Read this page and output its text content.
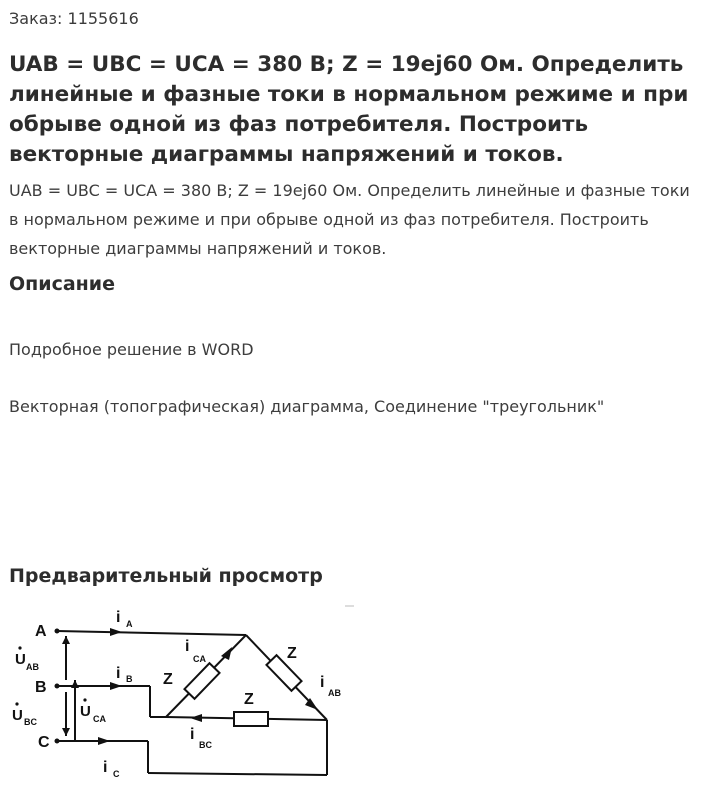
Заказ: 1155616
UAB = UBC = UCA = 380 В; Z = 19ej60 Ом. Определить линейные и фазные токи в нормальном режиме и при обрыве одной из фаз потребителя. Построить векторные диаграммы напряжений и токов.

UAB = UBC = UCA = 380 В; Z = 19ej60 Ом. Определить линейные и фазные токи в нормальном режиме и при обрыве одной из фаз потребителя. Построить векторные диаграммы напряжений и токов.

Описание

Подробное решение в WORD

Векторная (топографическая) диаграмма, Соединение "треугольник"

Предварительный просмотр
A
B
C
U AB
U BC
U CA
i A
i B
i C
i
CA
i
AB
i
BC
Z
Z
Z
